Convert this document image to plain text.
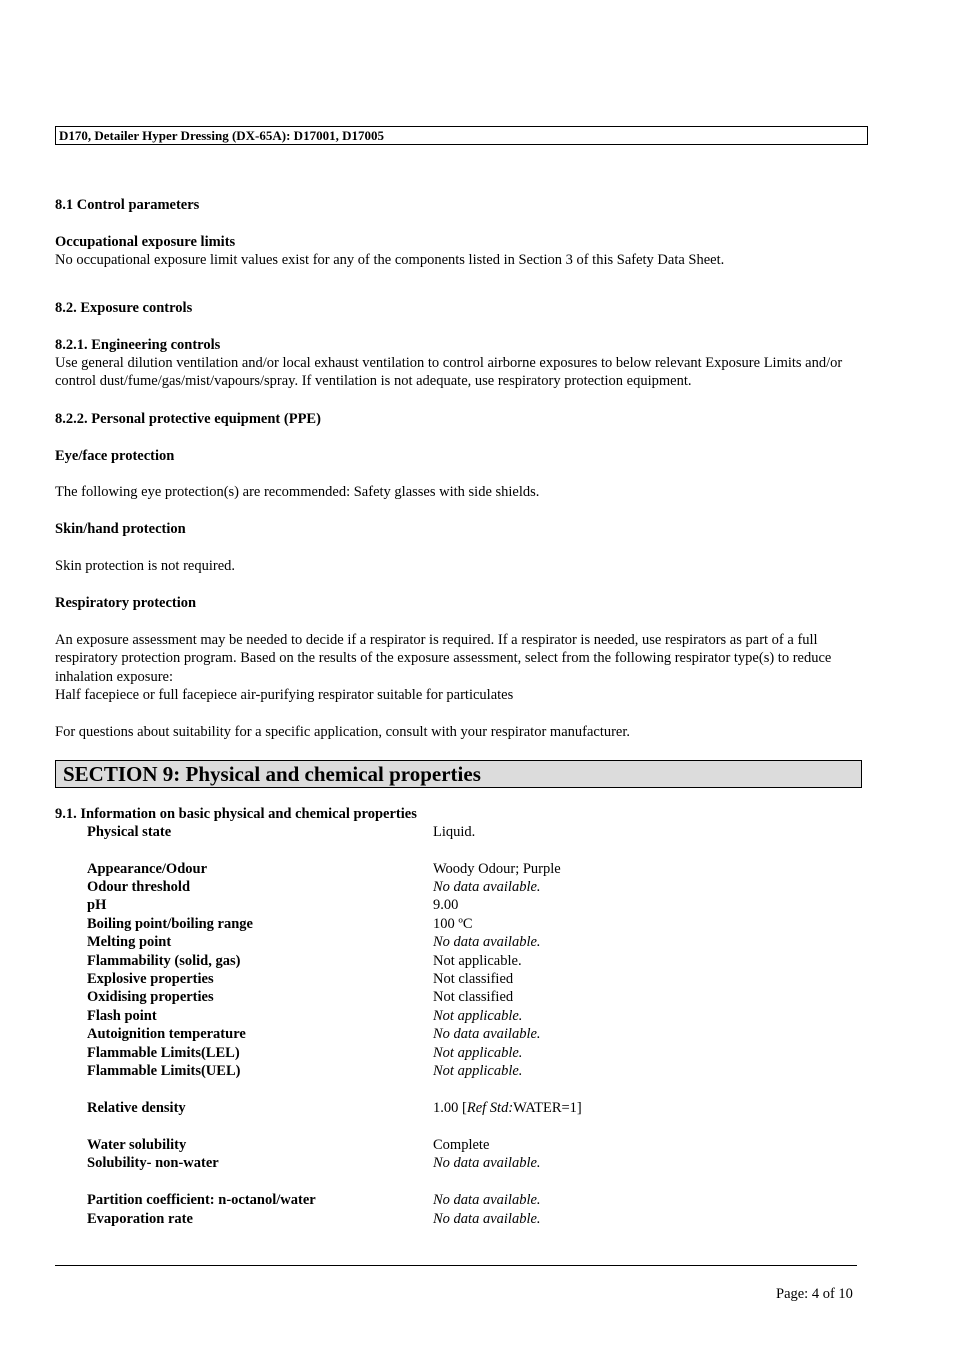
D170, Detailer Hyper Dressing (DX-65A): D17001, D17005
8.1 Control parameters
Occupational exposure limits
No occupational exposure limit values exist for any of the components listed in Section 3 of this Safety Data Sheet.
8.2. Exposure controls
8.2.1. Engineering controls
Use general dilution ventilation and/or local exhaust ventilation to control airborne exposures to below relevant Exposure Limits and/or control dust/fume/gas/mist/vapours/spray. If ventilation is not adequate, use respiratory protection equipment.
8.2.2. Personal protective equipment (PPE)
Eye/face protection
The following eye protection(s) are recommended: Safety glasses with side shields.
Skin/hand protection
Skin protection is not required.
Respiratory protection
An exposure assessment may be needed to decide if a respirator is required. If a respirator is needed, use respirators as part of a full respiratory protection program. Based on the results of the exposure assessment, select from the following respirator type(s) to reduce inhalation exposure:
Half facepiece or full facepiece air-purifying respirator suitable for particulates
For questions about suitability for a specific application, consult with your respirator manufacturer.
SECTION 9: Physical and chemical properties
9.1. Information on basic physical and chemical properties
Physical state	Liquid.
Appearance/Odour	Woody Odour; Purple
Odour threshold	No data available.
pH	9.00
Boiling point/boiling range	100 ºC
Melting point	No data available.
Flammability (solid, gas)	Not applicable.
Explosive properties	Not classified
Oxidising properties	Not classified
Flash point	Not applicable.
Autoignition temperature	No data available.
Flammable Limits(LEL)	Not applicable.
Flammable Limits(UEL)	Not applicable.
Relative density	1.00 [Ref Std:WATER=1]
Water solubility	Complete
Solubility- non-water	No data available.
Partition coefficient: n-octanol/water	No data available.
Evaporation rate	No data available.
Page: 4 of 10
